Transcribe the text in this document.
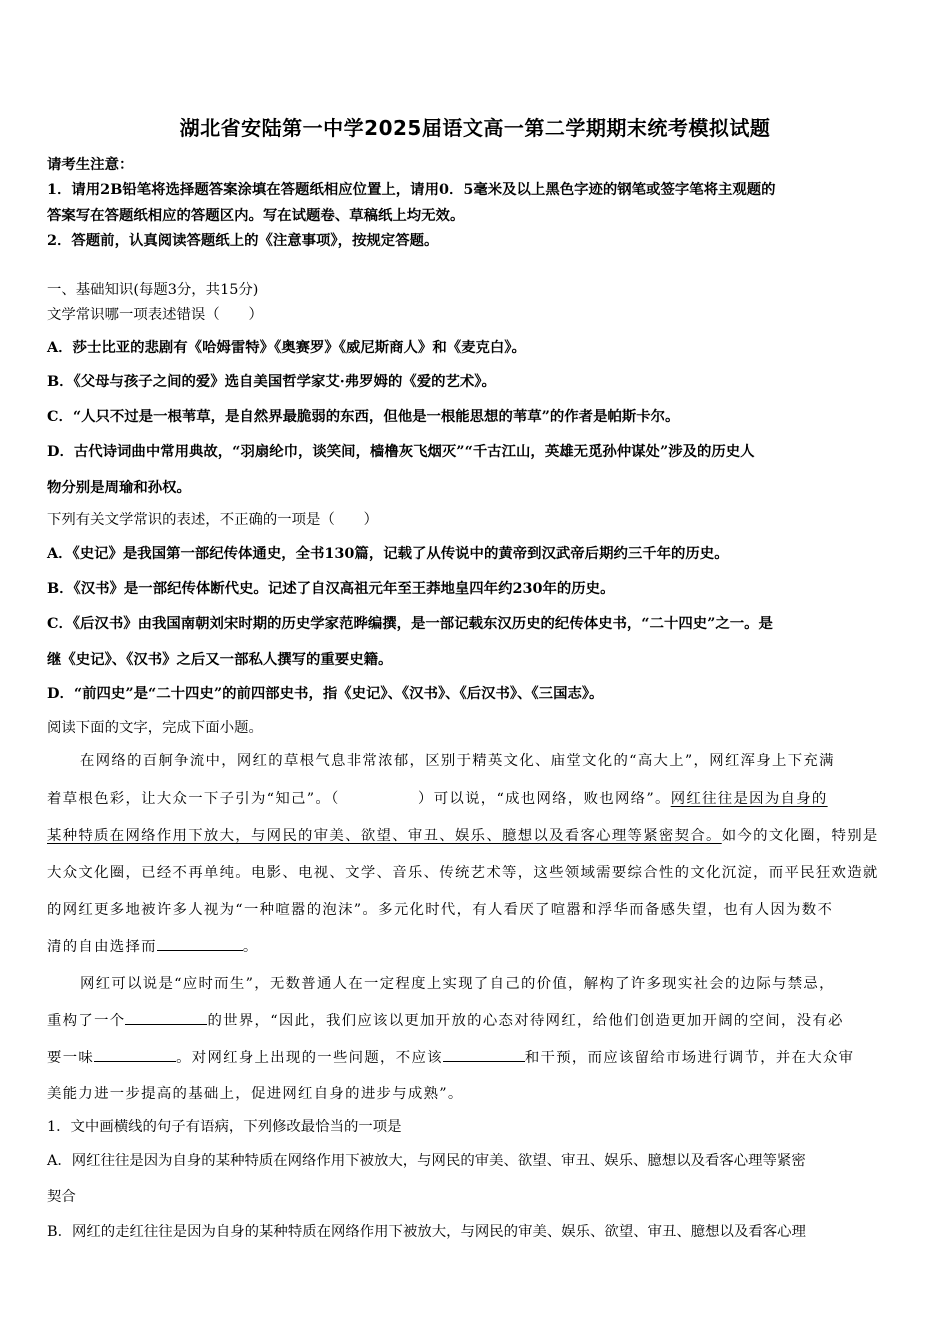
湖北省安陆第一中学2025届语文高一第二学期期末统考模拟试题
请考生注意：
1．请用2B铅笔将选择题答案涂填在答题纸相应位置上，请用0．5毫米及以上黑色字迹的钢笔或签字笔将主观题的
答案写在答题纸相应的答题区内。写在试题卷、草稿纸上均无效。
2．答题前，认真阅读答题纸上的《注意事项》，按规定答题。
一、基础知识(每题3分，共15分)
文学常识哪一项表述错误（　　）
A．莎士比亚的悲剧有《哈姆雷特》《奥赛罗》《威尼斯商人》和《麦克白》。
B．《父母与孩子之间的爱》选自美国哲学家艾·弗罗姆的《爱的艺术》。
C．“人只不过是一根苇草，是自然界最脆弱的东西，但他是一根能思想的苇草”的作者是帕斯卡尔。
D．古代诗词曲中常用典故，“羽扇纶巾，谈笑间，樯橹灰飞烟灭”“千古江山，英雄无觅孙仲谋处”涉及的历史人
物分别是周瑜和孙权。
下列有关文学常识的表述，不正确的一项是（　　）
A．《史记》是我国第一部纪传体通史，全书130篇，记载了从传说中的黄帝到汉武帝后期约三千年的历史。
B．《汉书》是一部纪传体断代史。记述了自汉高祖元年至王莽地皇四年约230年的历史。
C．《后汉书》由我国南朝刘宋时期的历史学家范晔编撰，是一部记载东汉历史的纪传体史书，“二十四史”之一。是
继《史记》、《汉书》之后又一部私人撰写的重要史籍。
D．“前四史”是“二十四史”的前四部史书，指《史记》、《汉书》、《后汉书》、《三国志》。
阅读下面的文字，完成下面小题。
在网络的百舸争流中，网红的草根气息非常浓郁，区别于精英文化、庙堂文化的“高大上”，网红浑身上下充满
着草根色彩，让大众一下子引为“知己”。（　　　　　）可以说，“成也网络，败也网络”。网红往往是因为自身的
某种特质在网络作用下放大，与网民的审美、欲望、审丑、娱乐、臆想以及看客心理等紧密契合。如今的文化圈，特别是
大众文化圈，已经不再单纯。电影、电视、文学、音乐、传统艺术等，这些领域需要综合性的文化沉淀，而平民狂欢造就
的网红更多地被许多人视为“一种喧嚣的泡沫”。多元化时代，有人看厌了喧嚣和浮华而备感失望，也有人因为数不
清的自由选择而	。
网红可以说是“应时而生”，无数普通人在一定程度上实现了自己的价值，解构了许多现实社会的边际与禁忌，
重构了一个	的世界，“因此，我们应该以更加开放的心态对待网红，给他们创造更加开阔的空间，没有必
要一味	。对网红身上出现的一些问题，不应该	和干预，而应该留给市场进行调节，并在大众审
美能力进一步提高的基础上，促进网红自身的进步与成熟”。
1．文中画横线的句子有语病，下列修改最恰当的一项是
A．网红往往是因为自身的某种特质在网络作用下被放大，与网民的审美、欲望、审丑、娱乐、臆想以及看客心理等紧密
契合
B．网红的走红往往是因为自身的某种特质在网络作用下被放大，与网民的审美、娱乐、欲望、审丑、臆想以及看客心理
